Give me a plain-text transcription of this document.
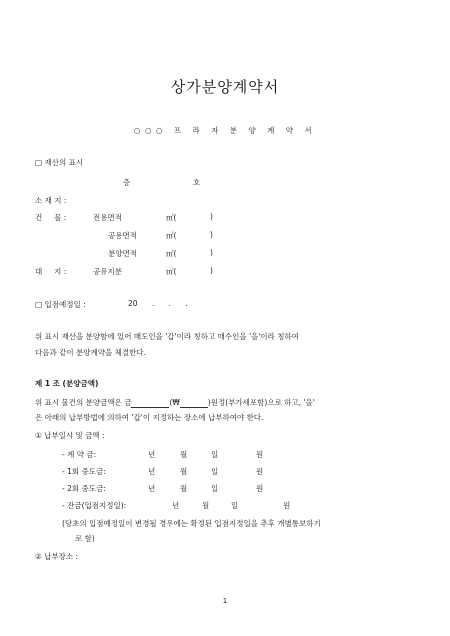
상가분양계약서
○○○ 프 라 자 분 양 계 약 서
□ 재산의 표시
층	호
소 재 지 :
건     물 :	전용면적	㎡(	)
공용면적	㎡(	)
분양면적	㎡(	)
대     지 :	공유지분	㎡(	)
□ 입점예정일 :	20      .      .      .
위 표시 재산을 분양함에 있어 매도인을 '갑'이라 칭하고 매수인을 '을'이라 칭하여
다음과 같이 분양계약을 체결한다.
제 1 조 (분양금액)
위 표시 물건의 분양금액은 금	(₩	)원정(부가세포함)으로 하고, '을'
은 아래의 납부방법에 의하여 '갑'이 지정하는 장소에 납부하여야 한다.
① 납부일시 및 금액 :
- 계 약 금:	년	월	일	원
- 1회 중도금:	년	월	일	원
- 2회 중도금:	년	월	일	원
- 잔금(입점지정일):	년	월	일	원
(당초의 입점예정일이 변경될 경우에는 확정된 입점지정일을 추후 개별통보하기
로 함)
② 납부장소 :
1
